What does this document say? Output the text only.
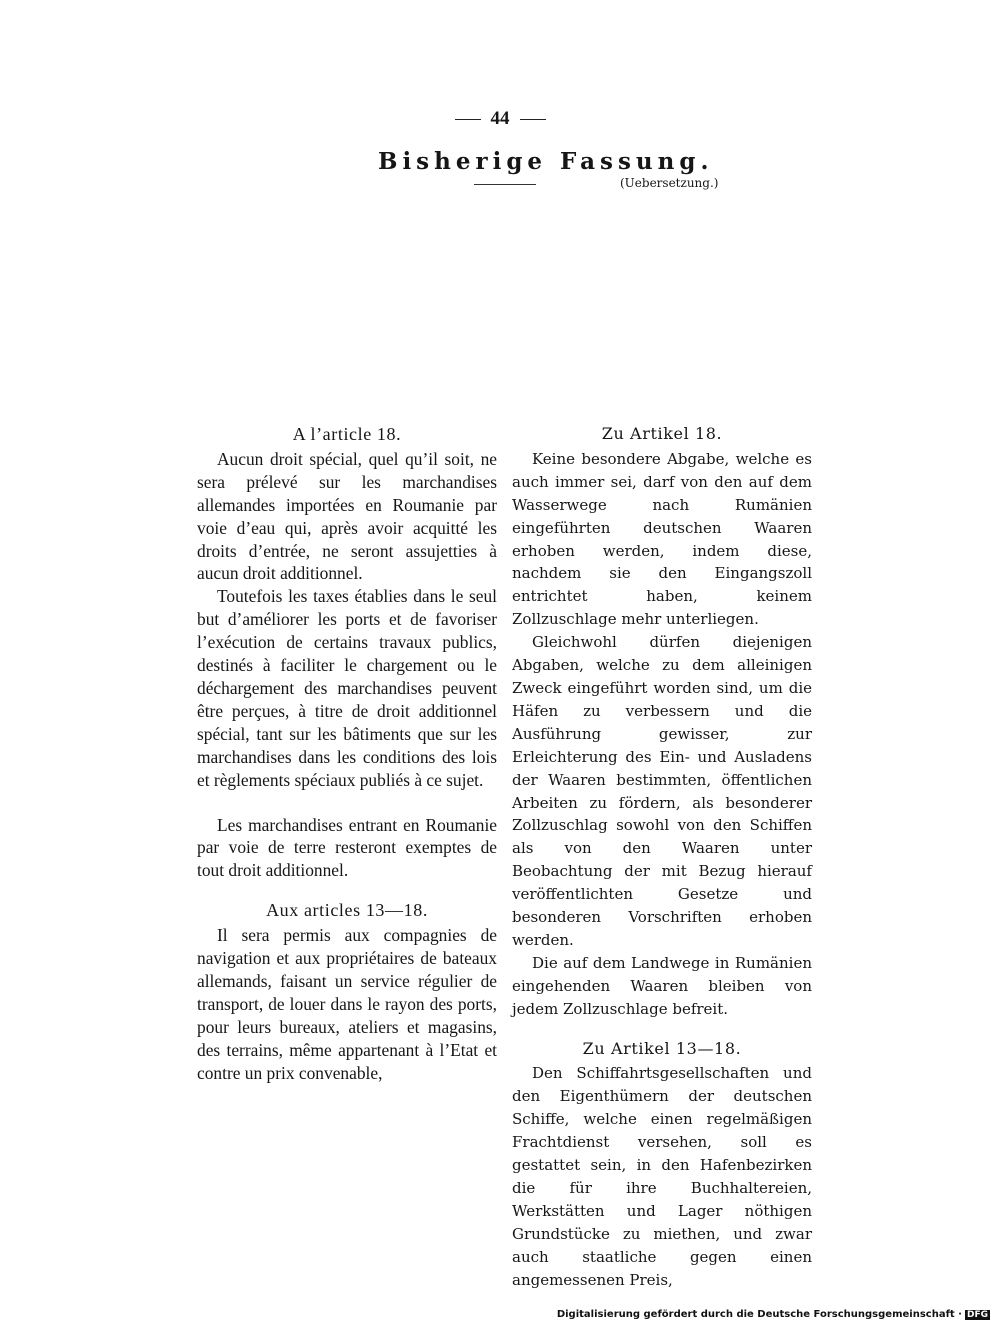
44
Bisherige Fassung.
(Uebersetzung.)

A l’article 18.

Aucun droit spécial, quel qu’il soit, ne sera prélevé sur les marchandises allemandes importées en Roumanie par voie d’eau qui, après avoir acquitté les droits d’entrée, ne seront assujetties à aucun droit additionnel.

Toutefois les taxes établies dans le seul but d’améliorer les ports et de favoriser l’exécution de certains travaux publics, destinés à faciliter le chargement ou le déchargement des marchandises peuvent être perçues, à titre de droit additionnel spécial, tant sur les bâtiments que sur les marchandises dans les conditions des lois et règlements spéciaux publiés à ce sujet.

Les marchandises entrant en Roumanie par voie de terre resteront exemptes de tout droit additionnel.

Aux articles 13—18.

Il sera permis aux compagnies de navigation et aux propriétaires de bateaux allemands, faisant un service régulier de transport, de louer dans le rayon des ports, pour leurs bureaux, ateliers et magasins, des terrains, même appartenant à l’Etat et contre un prix convenable,

Zu Artikel 18.

Keine besondere Abgabe, welche es auch immer sei, darf von den auf dem Wasserwege nach Rumänien eingeführten deutschen Waaren erhoben werden, indem diese, nachdem sie den Eingangszoll entrichtet haben, keinem Zollzuschlage mehr unterliegen.

Gleichwohl dürfen diejenigen Abgaben, welche zu dem alleinigen Zweck eingeführt worden sind, um die Häfen zu verbessern und die Ausführung gewisser, zur Erleichterung des Ein- und Ausladens der Waaren bestimmten, öffentlichen Arbeiten zu fördern, als besonderer Zollzuschlag sowohl von den Schiffen als von den Waaren unter Beobachtung der mit Bezug hierauf veröffentlichten Gesetze und besonderen Vorschriften erhoben werden.

Die auf dem Landwege in Rumänien eingehenden Waaren bleiben von jedem Zollzuschlage befreit.

Zu Artikel 13—18.

Den Schiffahrtsgesellschaften und den Eigenthümern der deutschen Schiffe, welche einen regelmäßigen Frachtdienst versehen, soll es gestattet sein, in den Hafenbezirken die für ihre Buchhaltereien, Werkstätten und Lager nöthigen Grundstücke zu miethen, und zwar auch staatliche gegen einen angemessenen Preis,

Digitalisierung gefördert durch die Deutsche Forschungsgemeinschaft · DFG
